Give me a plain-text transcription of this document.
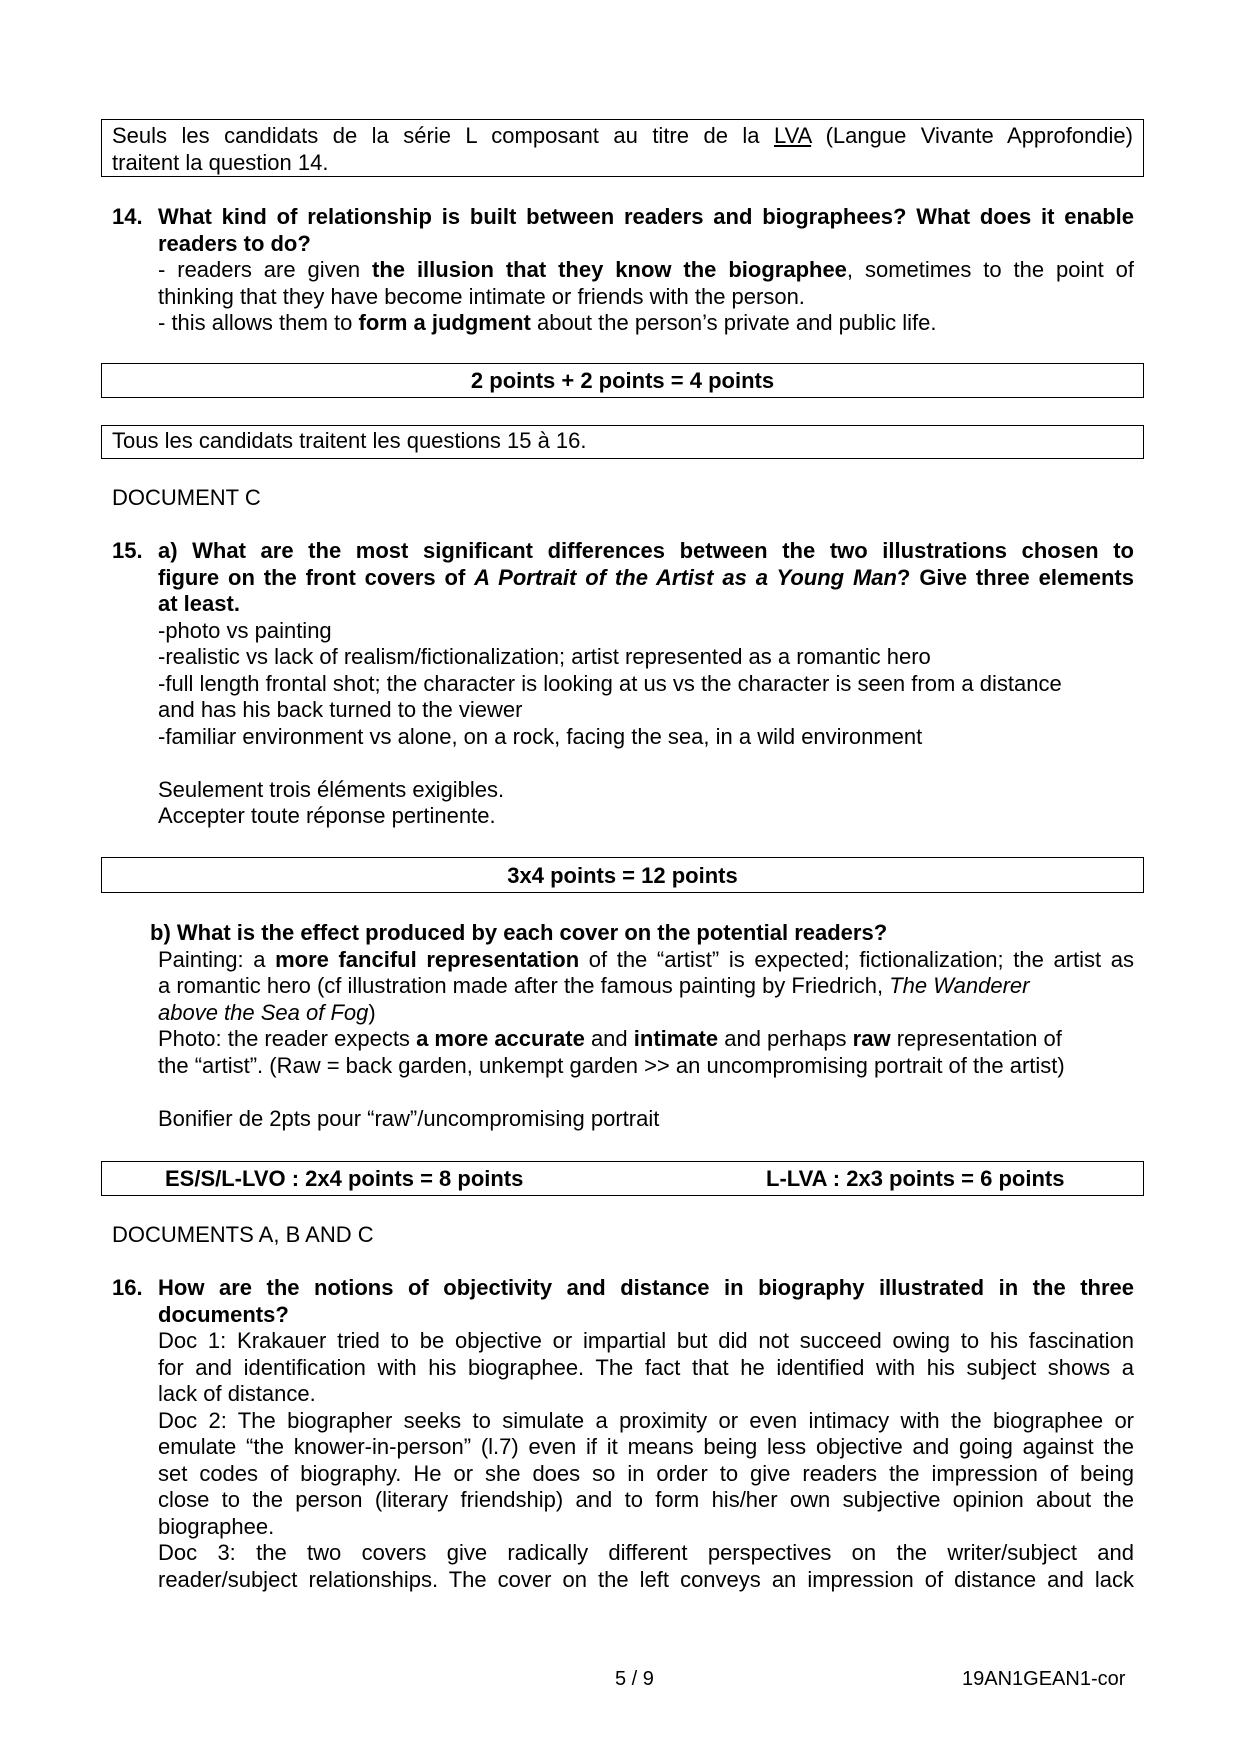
Seuls les candidats de la série L composant au titre de la LVA (Langue Vivante Approfondie)
traitent la question 14.
14. What kind of relationship is built between readers and biographees? What does it enable
readers to do?
- readers are given the illusion that they know the biographee, sometimes to the point of
thinking that they have become intimate or friends with the person.
- this allows them to form a judgment about the person’s private and public life.
2 points + 2 points = 4 points
Tous les candidats traitent les questions 15 à 16.
DOCUMENT C
15. a) What are the most significant differences between the two illustrations chosen to
figure on the front covers of A Portrait of the Artist as a Young Man? Give three elements
at least.
-photo vs painting
-realistic vs lack of realism/fictionalization; artist represented as a romantic hero
-full length frontal shot; the character is looking at us vs the character is seen from a distance
and has his back turned to the viewer
-familiar environment vs alone, on a rock, facing the sea, in a wild environment
Seulement trois éléments exigibles.
Accepter toute réponse pertinente.
3x4 points = 12 points
b) What is the effect produced by each cover on the potential readers?
Painting: a more fanciful representation of the “artist” is expected; fictionalization; the artist as
a romantic hero (cf illustration made after the famous painting by Friedrich, The Wanderer
above the Sea of Fog)
Photo: the reader expects a more accurate and intimate and perhaps raw representation of
the “artist”. (Raw = back garden, unkempt garden >> an uncompromising portrait of the artist)
Bonifier de 2pts pour “raw”/uncompromising portrait
ES/S/L-LVO : 2x4 points = 8 points	L-LVA : 2x3 points = 6 points
DOCUMENTS A, B AND C
16. How are the notions of objectivity and distance in biography illustrated in the three
documents?
Doc 1: Krakauer tried to be objective or impartial but did not succeed owing to his fascination
for and identification with his biographee. The fact that he identified with his subject shows a
lack of distance.
Doc 2: The biographer seeks to simulate a proximity or even intimacy with the biographee or
emulate “the knower-in-person” (l.7) even if it means being less objective and going against the
set codes of biography. He or she does so in order to give readers the impression of being
close to the person (literary friendship) and to form his/her own subjective opinion about the
biographee.
Doc 3: the two covers give radically different perspectives on the writer/subject and
reader/subject relationships. The cover on the left conveys an impression of distance and lack
5 / 9	19AN1GEAN1-cor
